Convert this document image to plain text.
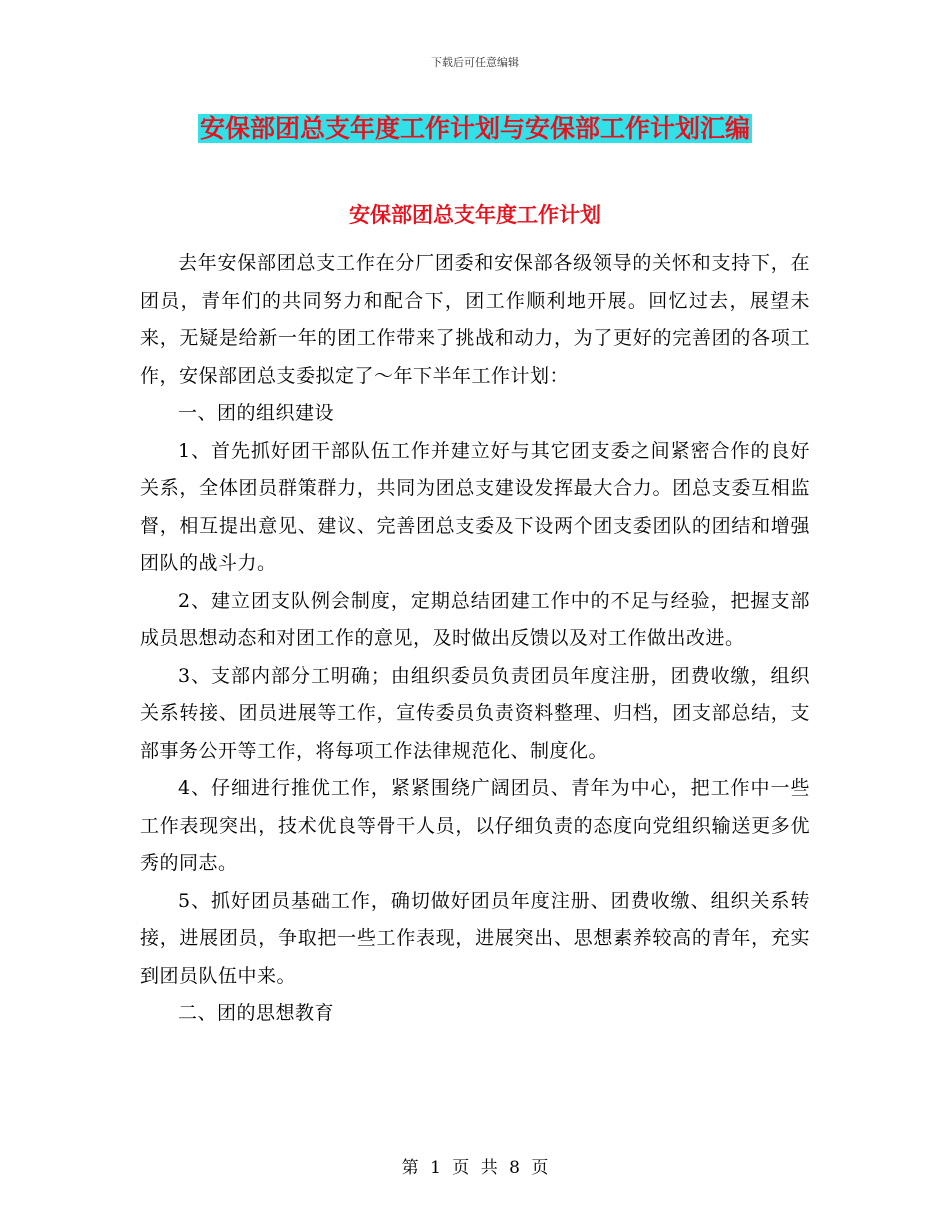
下载后可任意编辑
安保部团总支年度工作计划与安保部工作计划汇编
安保部团总支年度工作计划

去年安保部团总支工作在分厂团委和安保部各级领导的关怀和支持下，在团员，青年们的共同努力和配合下，团工作顺利地开展。回忆过去，展望未来，无疑是给新一年的团工作带来了挑战和动力，为了更好的完善团的各项工作，安保部团总支委拟定了～年下半年工作计划：

一、团的组织建设

1、首先抓好团干部队伍工作并建立好与其它团支委之间紧密合作的良好关系，全体团员群策群力，共同为团总支建设发挥最大合力。团总支委互相监督，相互提出意见、建议、完善团总支委及下设两个团支委团队的团结和增强团队的战斗力。

2、建立团支队例会制度，定期总结团建工作中的不足与经验，把握支部成员思想动态和对团工作的意见，及时做出反馈以及对工作做出改进。

3、支部内部分工明确；由组织委员负责团员年度注册，团费收缴，组织关系转接、团员进展等工作，宣传委员负责资料整理、归档，团支部总结，支部事务公开等工作，将每项工作法律规范化、制度化。

4、仔细进行推优工作，紧紧围绕广阔团员、青年为中心，把工作中一些工作表现突出，技术优良等骨干人员，以仔细负责的态度向党组织输送更多优秀的同志。

5、抓好团员基础工作，确切做好团员年度注册、团费收缴、组织关系转接，进展团员，争取把一些工作表现，进展突出、思想素养较高的青年，充实到团员队伍中来。

二、团的思想教育

第 1 页 共 8 页
